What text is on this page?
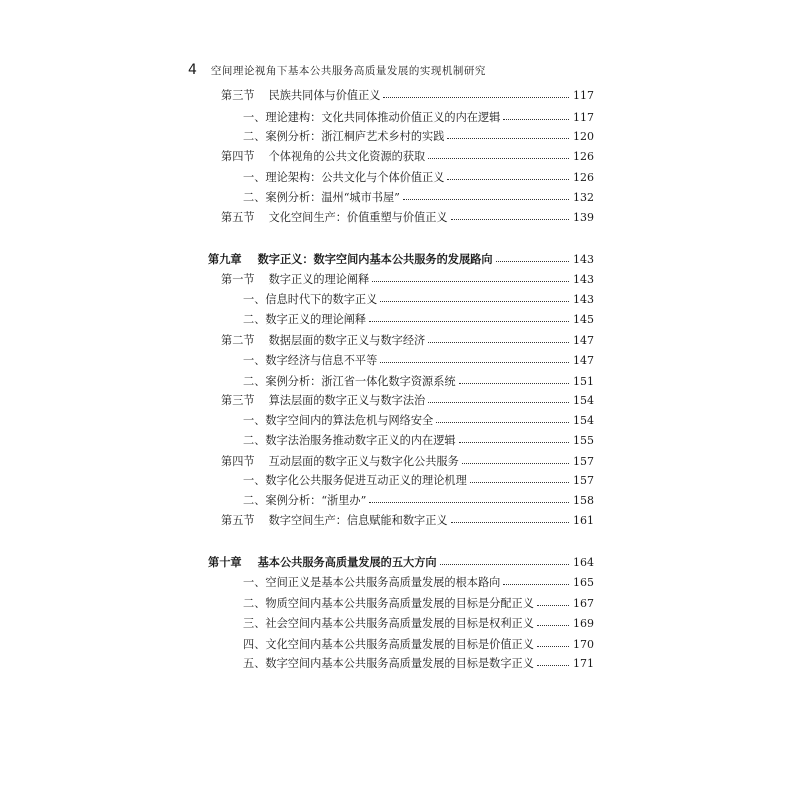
4 空间理论视角下基本公共服务高质量发展的实现机制研究
第三节 民族共同体与价值正义	117
一、理论建构：文化共同体推动价值正义的内在逻辑	117
二、案例分析：浙江桐庐艺术乡村的实践	120
第四节 个体视角的公共文化资源的获取	126
一、理论架构：公共文化与个体价值正义	126
二、案例分析：温州“城市书屋”	132
第五节 文化空间生产：价值重塑与价值正义	139
第九章 数字正义：数字空间内基本公共服务的发展路向	143
第一节 数字正义的理论阐释	143
一、信息时代下的数字正义	143
二、数字正义的理论阐释	145
第二节 数据层面的数字正义与数字经济	147
一、数字经济与信息不平等	147
二、案例分析：浙江省一体化数字资源系统	151
第三节 算法层面的数字正义与数字法治	154
一、数字空间内的算法危机与网络安全	154
二、数字法治服务推动数字正义的内在逻辑	155
第四节 互动层面的数字正义与数字化公共服务	157
一、数字化公共服务促进互动正义的理论机理	157
二、案例分析：“浙里办”	158
第五节 数字空间生产：信息赋能和数字正义	161
第十章 基本公共服务高质量发展的五大方向	164
一、空间正义是基本公共服务高质量发展的根本路向	165
二、物质空间内基本公共服务高质量发展的目标是分配正义	167
三、社会空间内基本公共服务高质量发展的目标是权利正义	169
四、文化空间内基本公共服务高质量发展的目标是价值正义	170
五、数字空间内基本公共服务高质量发展的目标是数字正义	171
